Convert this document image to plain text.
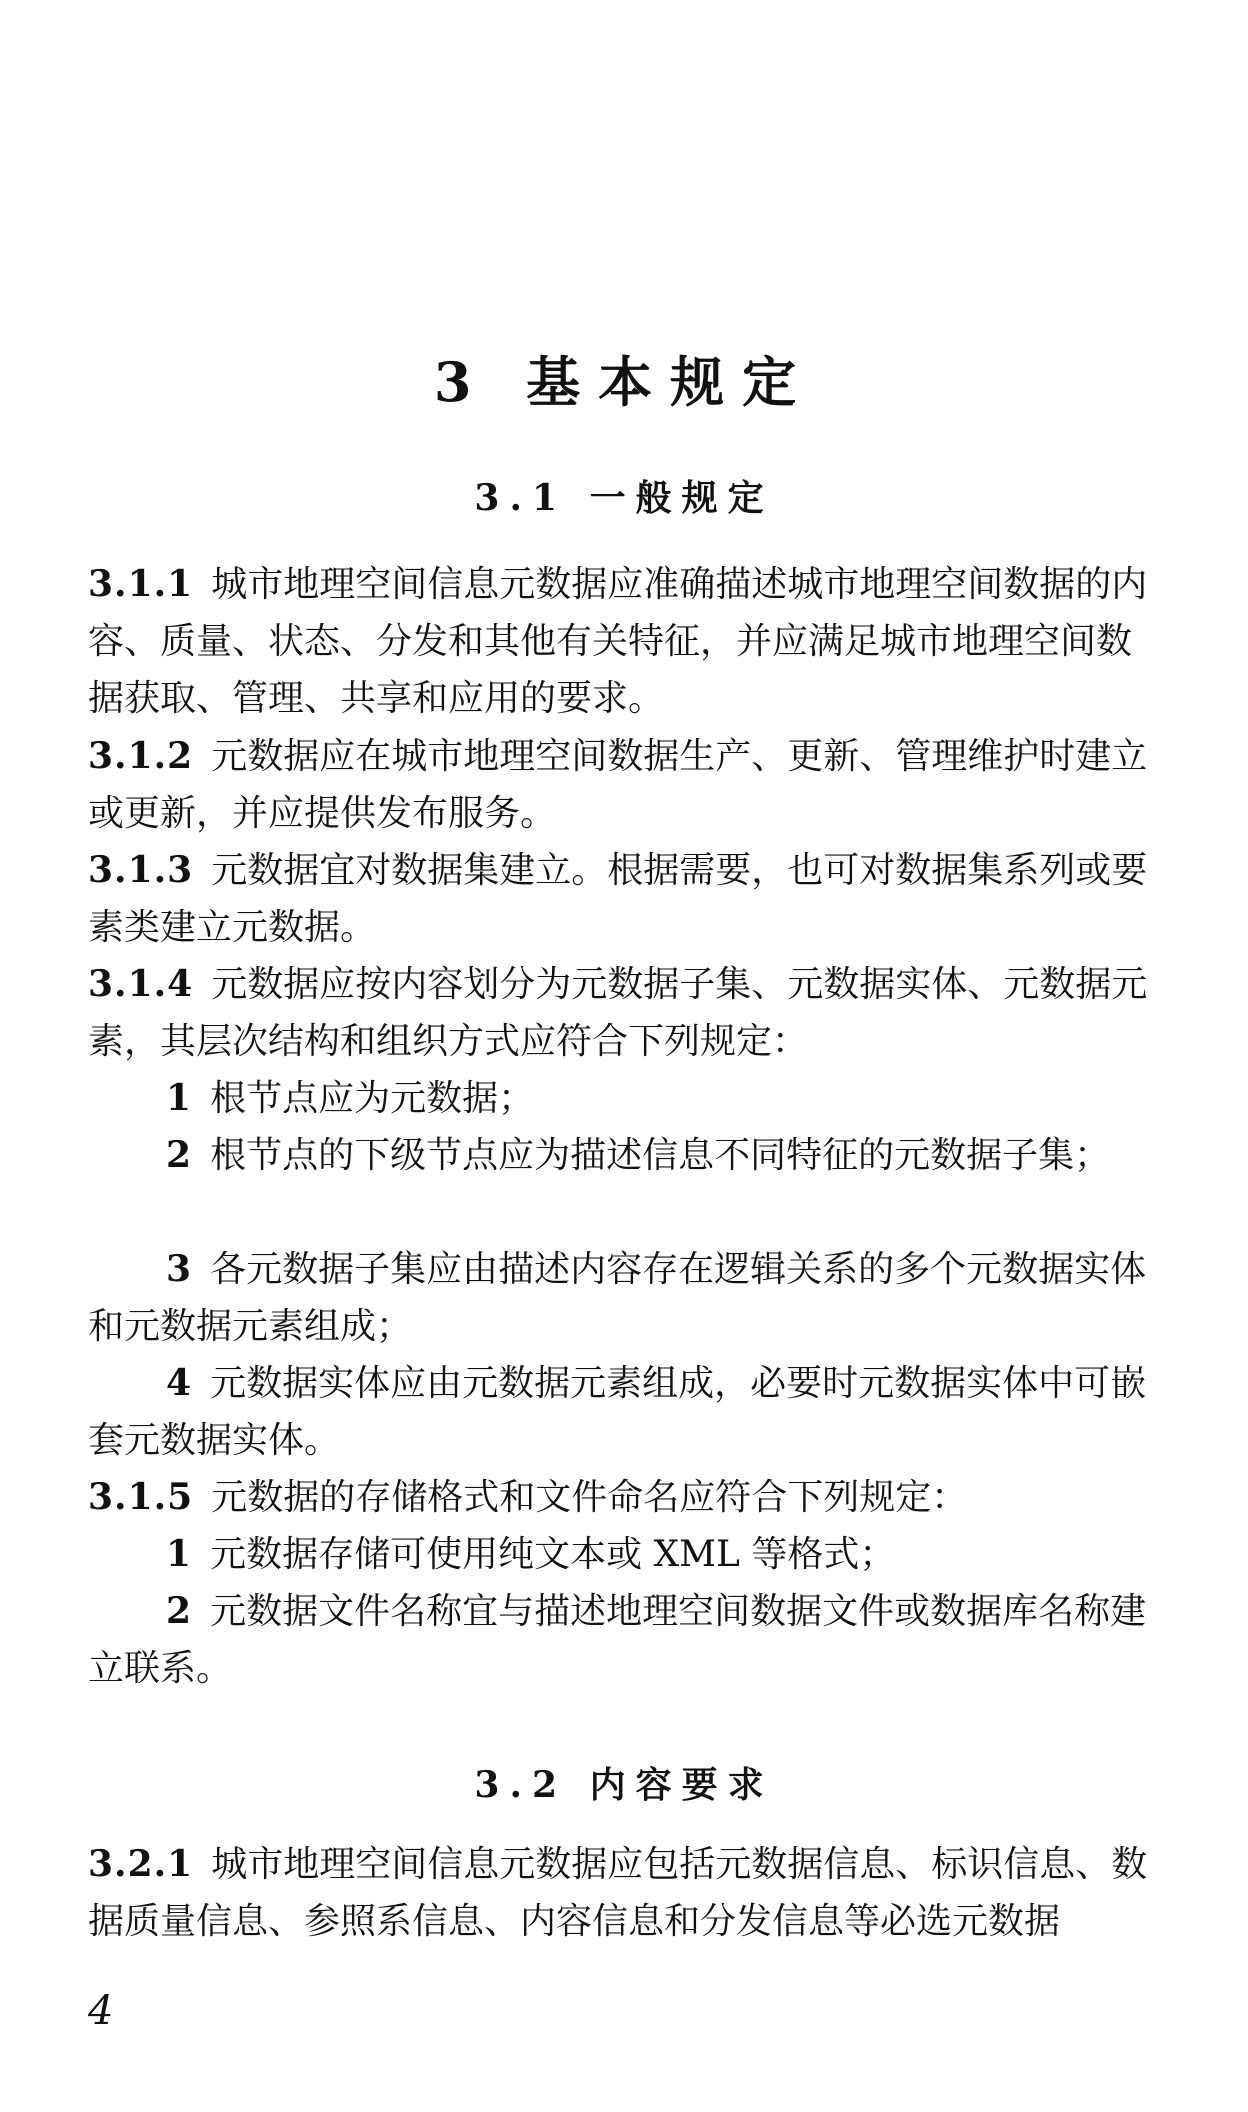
3 基本规定
3.1 一般规定
3.1.1 城市地理空间信息元数据应准确描述城市地理空间数据的内容、质量、状态、分发和其他有关特征，并应满足城市地理空间数据获取、管理、共享和应用的要求。
3.1.2 元数据应在城市地理空间数据生产、更新、管理维护时建立或更新，并应提供发布服务。
3.1.3 元数据宜对数据集建立。根据需要，也可对数据集系列或要素类建立元数据。
3.1.4 元数据应按内容划分为元数据子集、元数据实体、元数据元素，其层次结构和组织方式应符合下列规定：
1 根节点应为元数据；
2 根节点的下级节点应为描述信息不同特征的元数据子集；
3 各元数据子集应由描述内容存在逻辑关系的多个元数据实体和元数据元素组成；
4 元数据实体应由元数据元素组成，必要时元数据实体中可嵌套元数据实体。
3.1.5 元数据的存储格式和文件命名应符合下列规定：
1 元数据存储可使用纯文本或 XML 等格式；
2 元数据文件名称宜与描述地理空间数据文件或数据库名称建立联系。
3.2 内容要求
3.2.1 城市地理空间信息元数据应包括元数据信息、标识信息、数据质量信息、参照系信息、内容信息和分发信息等必选元数据
4
